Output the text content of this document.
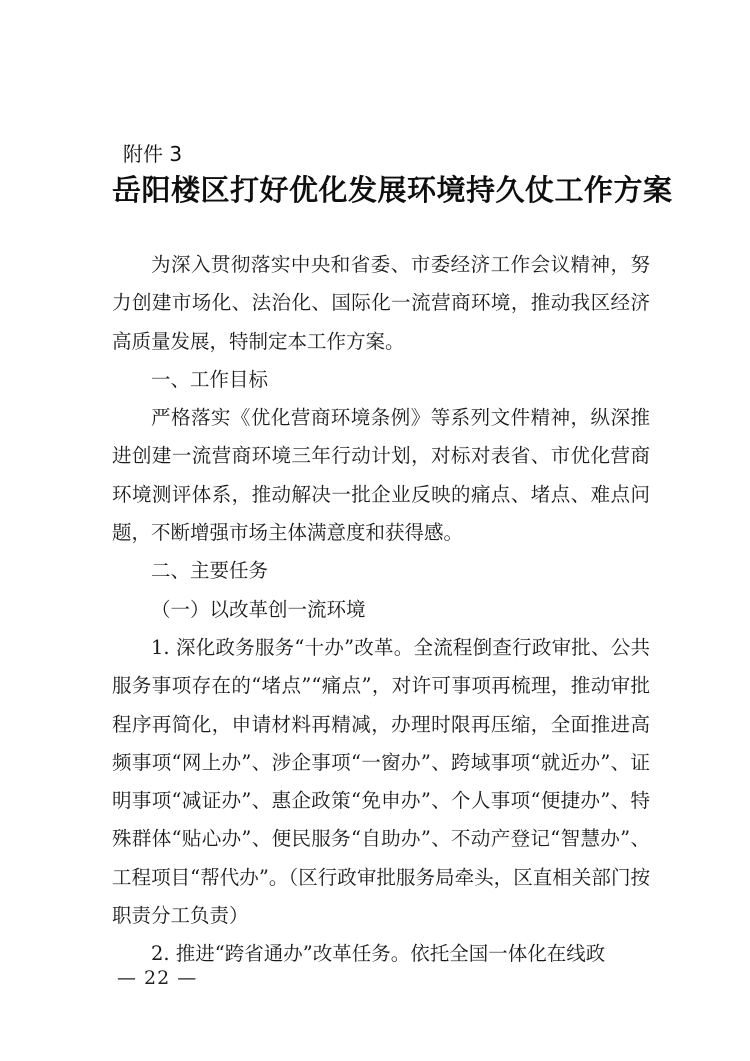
附件 3
岳阳楼区打好优化发展环境持久仗工作方案

为深入贯彻落实中央和省委、市委经济工作会议精神，努力创建市场化、法治化、国际化一流营商环境，推动我区经济高质量发展，特制定本工作方案。

一、工作目标

严格落实《优化营商环境条例》等系列文件精神，纵深推进创建一流营商环境三年行动计划，对标对表省、市优化营商环境测评体系，推动解决一批企业反映的痛点、堵点、难点问题，不断增强市场主体满意度和获得感。

二、主要任务

（一）以改革创一流环境

1. 深化政务服务“十办”改革。全流程倒查行政审批、公共服务事项存在的“堵点”“痛点”，对许可事项再梳理，推动审批程序再简化，申请材料再精减，办理时限再压缩，全面推进高频事项“网上办”、涉企事项“一窗办”、跨域事项“就近办”、证明事项“减证办”、惠企政策“免申办”、个人事项“便捷办”、特殊群体“贴心办”、便民服务“自助办”、不动产登记“智慧办”、工程项目“帮代办”。（区行政审批服务局牵头，区直相关部门按职责分工负责）

2. 推进“跨省通办”改革任务。依托全国一体化在线政

— 22 —
